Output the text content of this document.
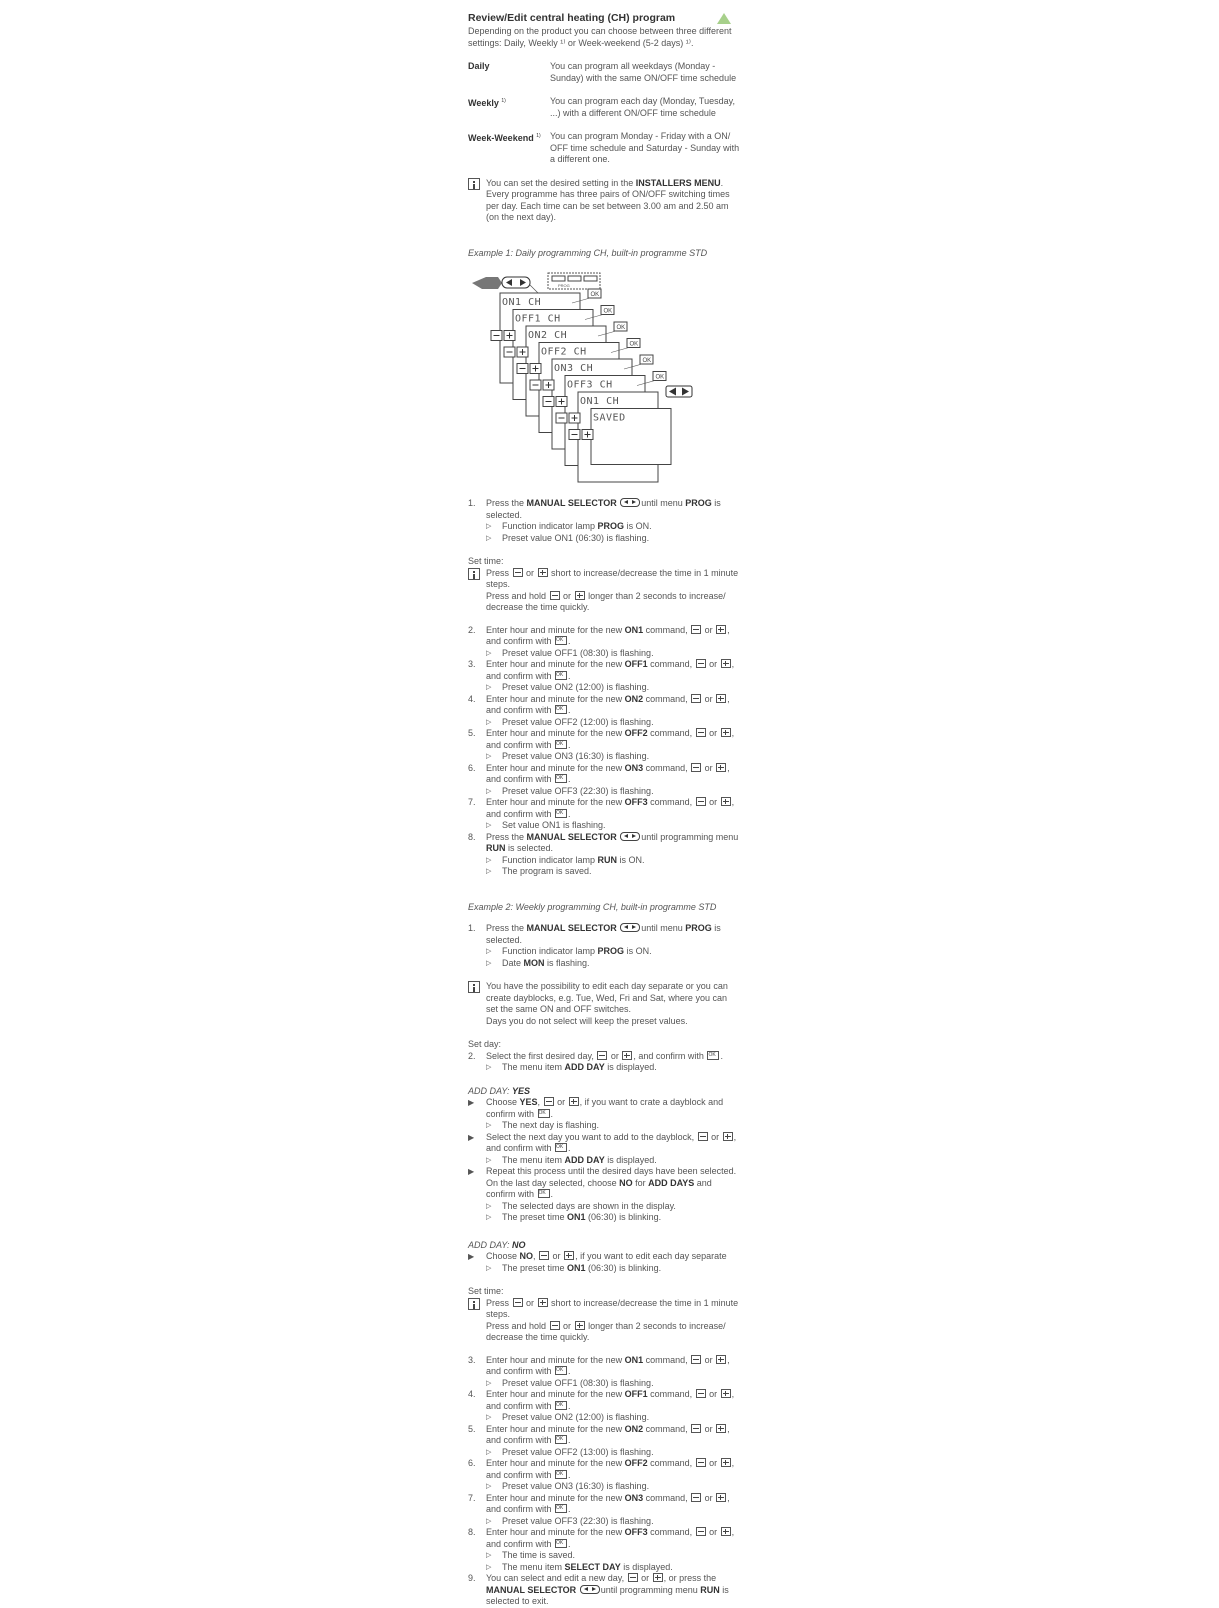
Review/Edit central heating (CH) program

Depending on the product you can choose between three different settings: Daily, Weekly ¹⁾ or Week-weekend (5-2 days) ¹⁾.

Daily	You can program all weekdays (Monday - Sunday) with the same ON/OFF time schedule
Weekly $^{1)}$	You can program each day (Monday, Tuesday, ...) with a different ON/OFF time schedule
Week-Weekend $^{1)}$	You can program Monday - Friday with a ON/ OFF time schedule and Saturday - Sunday with a different one.

You can set the desired setting in the INSTALLERS MENU. Every programme has three pairs of ON/OFF switching times per day. Each time can be set between 3.00 am and 2.50 am (on the next day).

Example 1: Daily programming CH, built-in programme STD

PROG
ON1 CH
OK
OFF1 CH
OK
ON2 CH
OK
OFF2 CH
OK
ON3 CH
OK
OFF3 CH
OK
ON1 CH
SAVED
1.	Press the MANUAL SELECTOR	until menu PROG is selected.
▷ Function indicator lamp PROG is ON.
▷ Preset value ON1 (06:30) is flashing.

Set time:

Press  or  short to increase/decrease the time in 1 minute steps.

Press and hold  or  longer than 2 seconds to increase/ decrease the time quickly.

2.	Enter hour and minute for the new ON1 command,  or , and confirm with .
▷ Preset value OFF1 (08:30) is flashing.
3.	Enter hour and minute for the new OFF1 command,  or , and confirm with .
▷ Preset value ON2 (12:00) is flashing.
4.	Enter hour and minute for the new ON2 command,  or , and confirm with .
▷ Preset value OFF2 (12:00) is flashing.
5.	Enter hour and minute for the new OFF2 command,  or , and confirm with .
▷ Preset value ON3 (16:30) is flashing.
6.	Enter hour and minute for the new ON3 command,  or , and confirm with .
▷ Preset value OFF3 (22:30) is flashing.
7.	Enter hour and minute for the new OFF3 command,  or , and confirm with .
▷ Set value ON1 is flashing.
8.	Press the MANUAL SELECTOR	until programming menu RUN is selected.
▷ Function indicator lamp RUN is ON.
▷ The program is saved.

Example 2: Weekly programming CH, built-in programme STD

1.	Press the MANUAL SELECTOR	until menu PROG is selected.
▷ Function indicator lamp PROG is ON.
▷ Date MON is flashing.

You have the possibility to edit each day separate or you can create dayblocks, e.g. Tue, Wed, Fri and Sat, where you can set the same ON and OFF switches.

Days you do not select will keep the preset values.

Set day:

2.	Select the first desired day,  or , and confirm with .
▷ The menu item ADD DAY is displayed.

ADD DAY: YES

▶	Choose YES,  or , if you want to crate a dayblock and confirm with .
▷ The next day is flashing.
▶	Select the next day you want to add to the dayblock,  or , and confirm with .
▷ The menu item ADD DAY is displayed.
▶	Repeat this process until the desired days have been selected. On the last day selected, choose NO for ADD DAYS and confirm with .
▷ The selected days are shown in the display.
▷ The preset time ON1 (06:30) is blinking.

ADD DAY: NO

▶	Choose NO,  or , if you want to edit each day separate
▷ The preset time ON1 (06:30) is blinking.

Set time:

Press  or  short to increase/decrease the time in 1 minute steps.

Press and hold  or  longer than 2 seconds to increase/ decrease the time quickly.

3.	Enter hour and minute for the new ON1 command,  or , and confirm with .
▷ Preset value OFF1 (08:30) is flashing.
4.	Enter hour and minute for the new OFF1 command,  or , and confirm with .
▷ Preset value ON2 (12:00) is flashing.
5.	Enter hour and minute for the new ON2 command,  or , and confirm with .
▷ Preset value OFF2 (13:00) is flashing.
6.	Enter hour and minute for the new OFF2 command,  or , and confirm with .
▷ Preset value ON3 (16:30) is flashing.
7.	Enter hour and minute for the new ON3 command,  or , and confirm with .
▷ Preset value OFF3 (22:30) is flashing.
8.	Enter hour and minute for the new OFF3 command,  or , and confirm with .
▷ The time is saved.
▷ The menu item SELECT DAY is displayed.
9.	You can select and edit a new day,  or , or press the MANUAL SELECTOR	until programming menu RUN is selected to exit.
